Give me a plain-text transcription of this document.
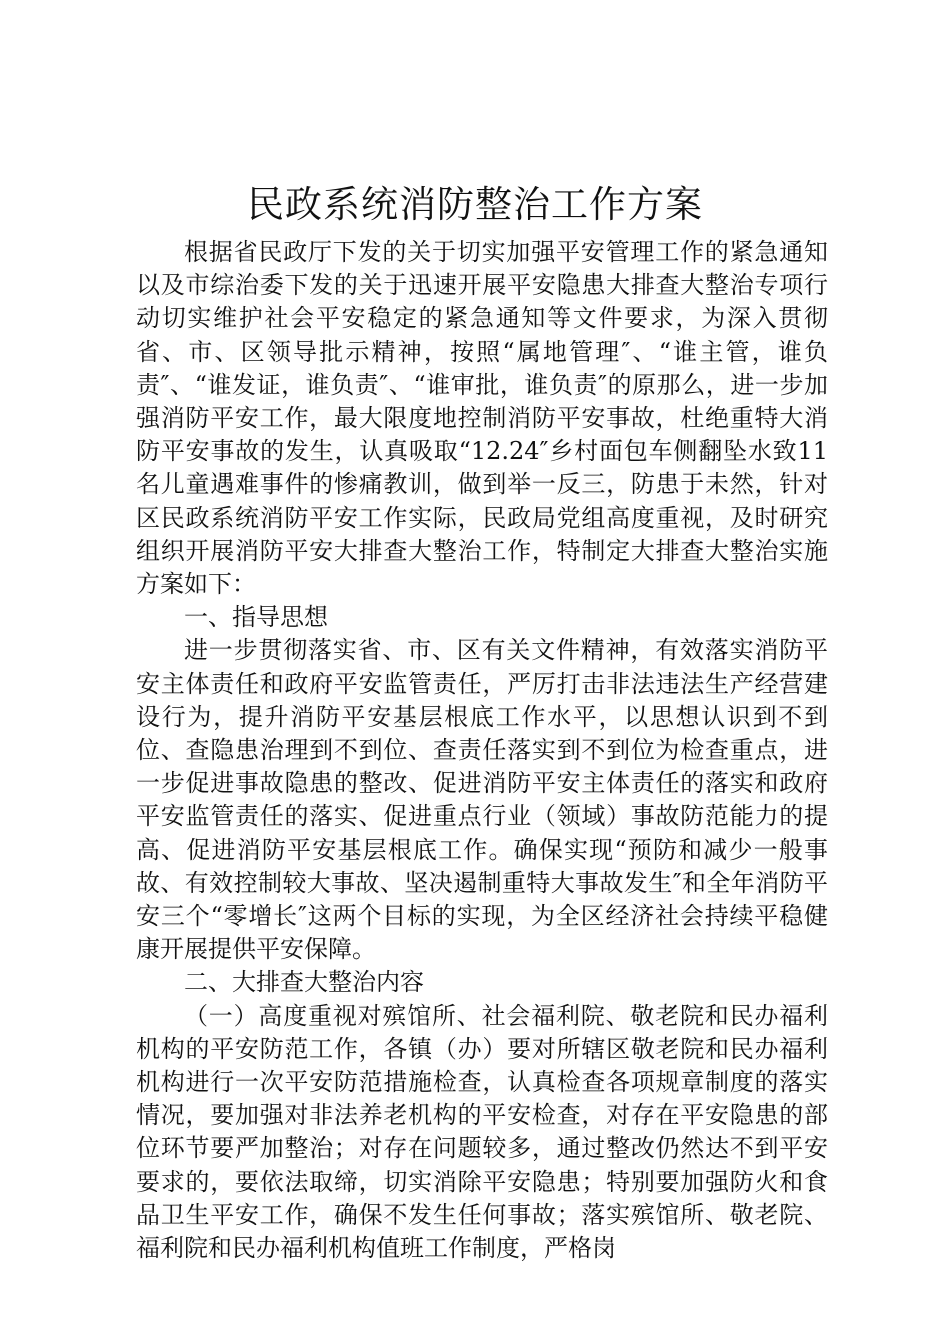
民政系统消防整治工作方案

根据省民政厅下发的关于切实加强平安管理工作的紧急通知以及市综治委下发的关于迅速开展平安隐患大排查大整治专项行动切实维护社会平安稳定的紧急通知等文件要求，为深入贯彻省、市、区领导批示精神，按照“属地管理″、“谁主管，谁负责″、“谁发证，谁负责″、“谁审批，谁负责″的原那么，进一步加强消防平安工作，最大限度地控制消防平安事故，杜绝重特大消防平安事故的发生，认真吸取“12.24″乡村面包车侧翻坠水致11名儿童遇难事件的惨痛教训，做到举一反三，防患于未然，针对区民政系统消防平安工作实际，民政局党组高度重视，及时研究组织开展消防平安大排查大整治工作，特制定大排查大整治实施方案如下：

一、指导思想

进一步贯彻落实省、市、区有关文件精神，有效落实消防平安主体责任和政府平安监管责任，严厉打击非法违法生产经营建设行为，提升消防平安基层根底工作水平，以思想认识到不到位、查隐患治理到不到位、查责任落实到不到位为检查重点，进一步促进事故隐患的整改、促进消防平安主体责任的落实和政府平安监管责任的落实、促进重点行业（领域）事故防范能力的提高、促进消防平安基层根底工作。确保实现“预防和减少一般事故、有效控制较大事故、坚决遏制重特大事故发生″和全年消防平安三个“零增长″这两个目标的实现，为全区经济社会持续平稳健康开展提供平安保障。

二、大排查大整治内容

（一）高度重视对殡馆所、社会福利院、敬老院和民办福利机构的平安防范工作，各镇（办）要对所辖区敬老院和民办福利机构进行一次平安防范措施检查，认真检查各项规章制度的落实情况，要加强对非法养老机构的平安检查，对存在平安隐患的部位环节要严加整治；对存在问题较多，通过整改仍然达不到平安要求的，要依法取缔，切实消除平安隐患；特别要加强防火和食品卫生平安工作，确保不发生任何事故；落实殡馆所、敬老院、福利院和民办福利机构值班工作制度，严格岗
